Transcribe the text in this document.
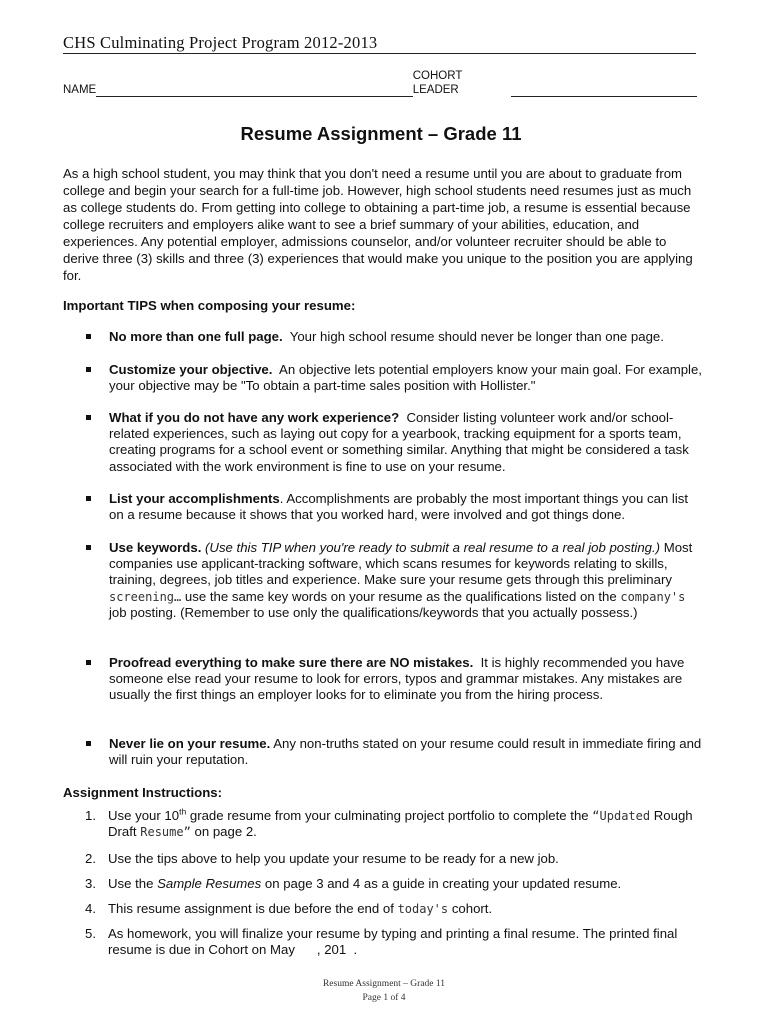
CHS Culminating Project Program 2012-2013
NAME
COHORT LEADER
Resume Assignment – Grade 11
As a high school student, you may think that you don't need a resume until you are about to graduate from college and begin your search for a full-time job. However, high school students need resumes just as much as college students do. From getting into college to obtaining a part-time job, a resume is essential because college recruiters and employers alike want to see a brief summary of your abilities, education, and experiences. Any potential employer, admissions counselor, and/or volunteer recruiter should be able to derive three (3) skills and three (3) experiences that would make you unique to the position you are applying for.
Important TIPS when composing your resume:
No more than one full page. Your high school resume should never be longer than one page.
Customize your objective. An objective lets potential employers know your main goal. For example, your objective may be "To obtain a part-time sales position with Hollister."
What if you do not have any work experience? Consider listing volunteer work and/or school-related experiences, such as laying out copy for a yearbook, tracking equipment for a sports team, creating programs for a school event or something similar. Anything that might be considered a task associated with the work environment is fine to use on your resume.
List your accomplishments. Accomplishments are probably the most important things you can list on a resume because it shows that you worked hard, were involved and got things done.
Use keywords. (Use this TIP when you're ready to submit a real resume to a real job posting.) Most companies use applicant-tracking software, which scans resumes for keywords relating to skills, training, degrees, job titles and experience. Make sure your resume gets through this preliminary screening… use the same key words on your resume as the qualifications listed on the company's job posting. (Remember to use only the qualifications/keywords that you actually possess.)
Proofread everything to make sure there are NO mistakes. It is highly recommended you have someone else read your resume to look for errors, typos and grammar mistakes. Any mistakes are usually the first things an employer looks for to eliminate you from the hiring process.
Never lie on your resume. Any non-truths stated on your resume could result in immediate firing and will ruin your reputation.
Assignment Instructions:
1. Use your 10th grade resume from your culminating project portfolio to complete the “Updated Rough Draft Resume” on page 2.
2. Use the tips above to help you update your resume to be ready for a new job.
3. Use the Sample Resumes on page 3 and 4 as a guide in creating your updated resume.
4. This resume assignment is due before the end of today's cohort.
5. As homework, you will finalize your resume by typing and printing a final resume. The printed final resume is due in Cohort on May      , 201  .
Resume Assignment – Grade 11
Page 1 of 4
